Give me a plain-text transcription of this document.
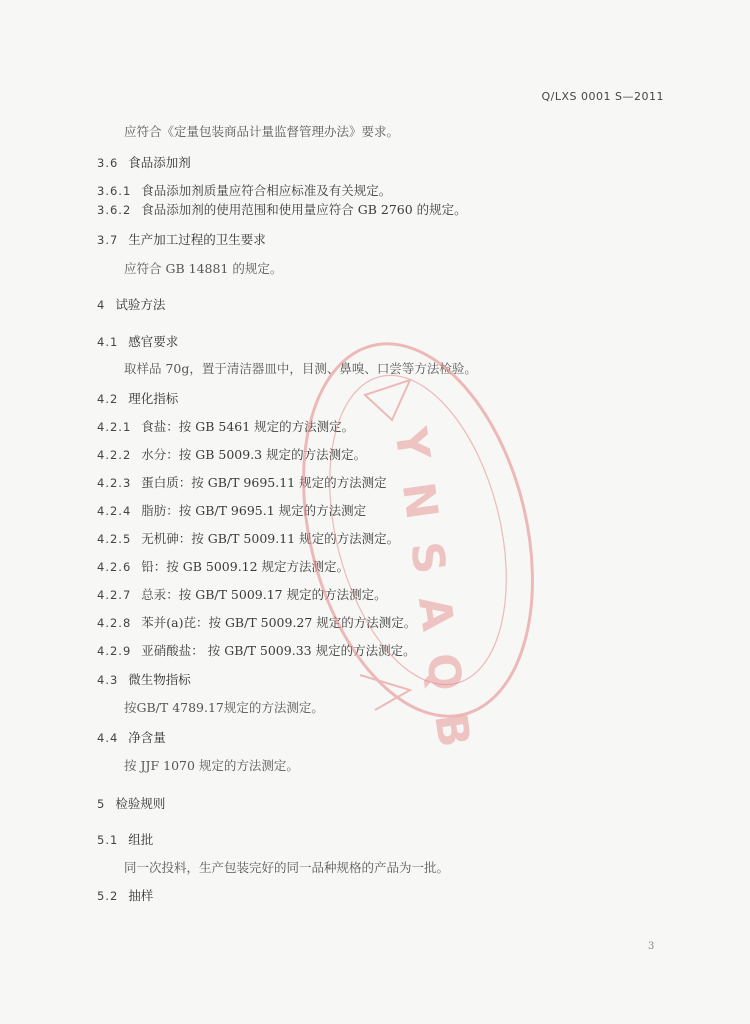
Q/LXS 0001 S—2011
应符合《定量包装商品计量监督管理办法》要求。
3.6 食品添加剂
3.6.1 食品添加剂质量应符合相应标准及有关规定。
3.6.2 食品添加剂的使用范围和使用量应符合 GB 2760 的规定。
3.7 生产加工过程的卫生要求
应符合 GB 14881 的规定。
4 试验方法
4.1 感官要求
取样品 70g，置于清洁器皿中，目测、鼻嗅、口尝等方法检验。
4.2 理化指标
4.2.1 食盐：按 GB 5461 规定的方法测定。
4.2.2 水分：按 GB 5009.3 规定的方法测定。
4.2.3 蛋白质：按 GB/T 9695.11 规定的方法测定
4.2.4 脂肪：按 GB/T 9695.1 规定的方法测定
4.2.5 无机砷：按 GB/T 5009.11 规定的方法测定。
4.2.6 铅：按 GB 5009.12 规定方法测定。
4.2.7 总汞：按 GB/T 5009.17 规定的方法测定。
4.2.8 苯并(a)芘：按 GB/T 5009.27 规定的方法测定。
4.2.9 亚硝酸盐： 按 GB/T 5009.33 规定的方法测定。
4.3 微生物指标
按GB/T 4789.17规定的方法测定。
4.4 净含量
按 JJF 1070 规定的方法测定。
5 检验规则
5.1 组批
同一次投料，生产包装完好的同一品种规格的产品为一批。
5.2 抽样
3
Y N S A Q B
